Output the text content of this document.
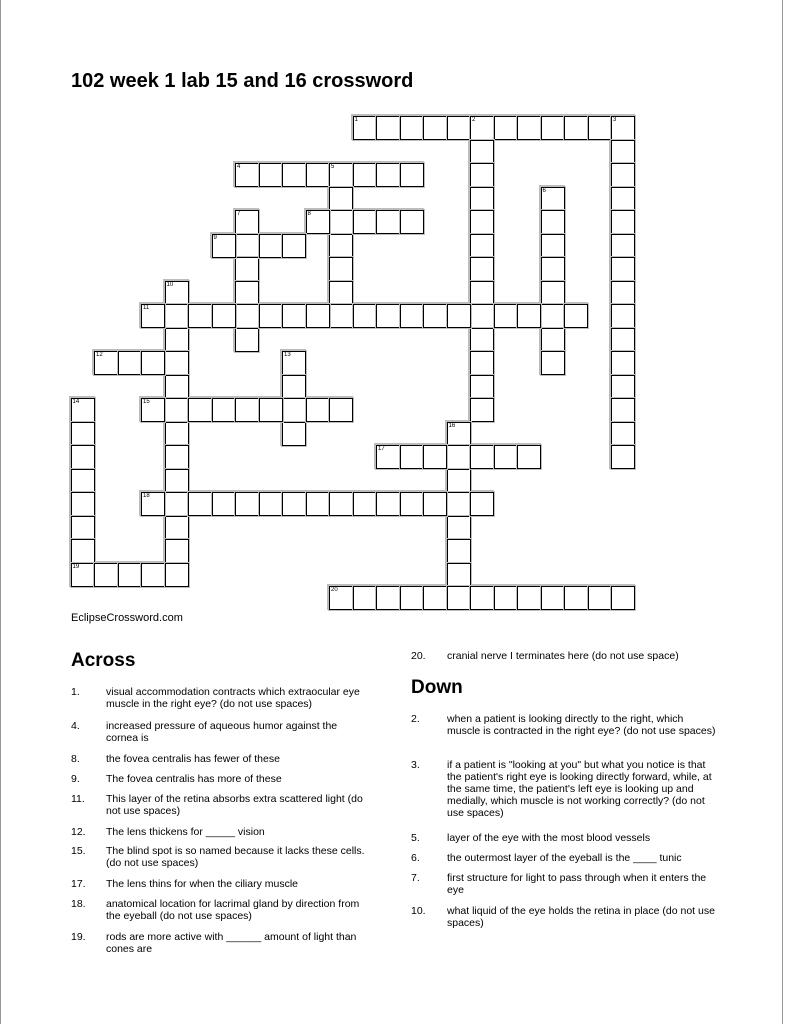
102 week 1 lab 15 and 16 crossword
1	2	3
4	5
6
7	8
9
10
11
12	13
14	15
16
17
18
19
20
EclipseCrossword.com
Across
Down
1. visual accommodation contracts which extraocular eye muscle in the right eye? (do not use spaces)
4. increased pressure of aqueous humor against the cornea is
8. the fovea centralis has fewer of these
9. The fovea centralis has more of these
11. This layer of the retina absorbs extra scattered light (do not use spaces)
12. The lens thickens for _____ vision
15. The blind spot is so named because it lacks these cells. (do not use spaces)
17. The lens thins for when the ciliary muscle
18. anatomical location for lacrimal gland by direction from the eyeball (do not use spaces)
19. rods are more active with ______ amount of light than cones are
20. cranial nerve I terminates here (do not use space)
2.	when a patient is looking directly to the right, which muscle is contracted in the right eye? (do not use spaces)
3.	if a patient is "looking at you" but what you notice is that the patient's right eye is looking directly forward, while, at the same time, the patient's left eye is looking up and medially, which muscle is not working correctly? (do not use spaces)
5.	layer of the eye with the most blood vessels
6.	the outermost layer of the eyeball is the ____ tunic
7.	first structure for light to pass through when it enters the eye
10. what liquid of the eye holds the retina in place (do not use spaces)
